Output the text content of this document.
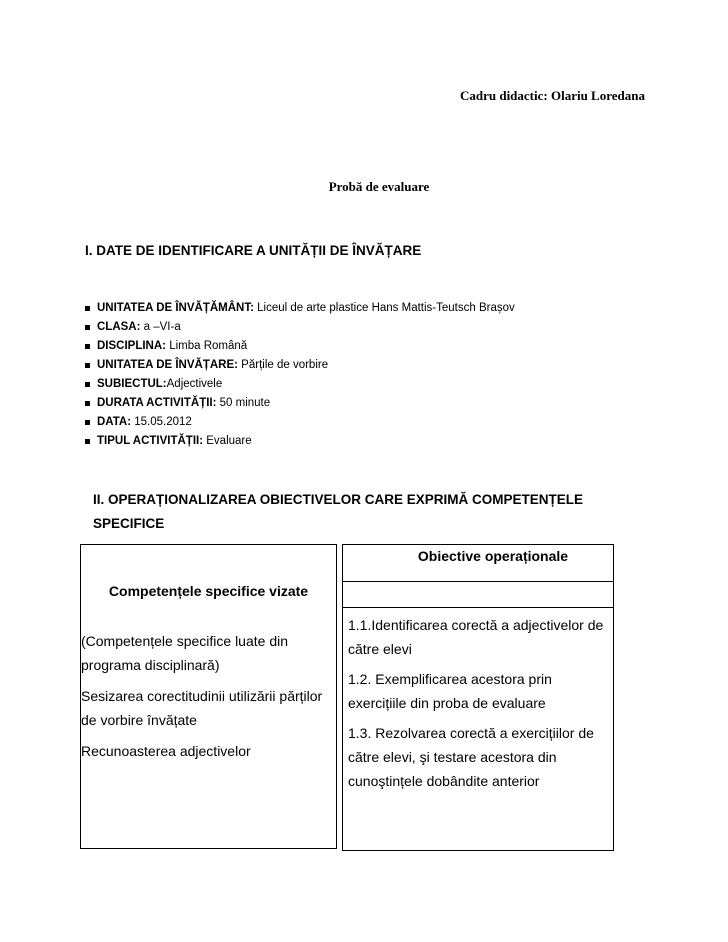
Cadru didactic: Olariu Loredana
Probă de evaluare
I. DATE DE IDENTIFICARE A UNITĂȚII DE ÎNVĂȚARE
UNITATEA DE ÎNVĂȚĂMÂNT: Liceul de arte plastice Hans Mattis-Teutsch Brașov
CLASA: a –VI-a
DISCIPLINA: Limba Română
UNITATEA DE ÎNVĂȚARE: Părțile de vorbire
SUBIECTUL:Adjectivele
DURATA ACTIVITĂȚII: 50 minute
DATA: 15.05.2012
TIPUL ACTIVITĂȚII: Evaluare
II. OPERAȚIONALIZAREA OBIECTIVELOR CARE EXPRIMĂ COMPETENȚELE SPECIFICE
Competențele specifice vizate

(Competențele specifice luate din programa disciplinară)

Sesizarea corectitudinii utilizării părților de vorbire învățate

Recunoasterea adjectivelor

Obiective operaționale

1.1.Identificarea corectă a adjectivelor de către elevi

1.2. Exemplificarea acestora prin exercițiile din proba de evaluare

1.3. Rezolvarea corectă a exercițiilor de către elevi, şi testare acestora din cunoştințele dobândite anterior
